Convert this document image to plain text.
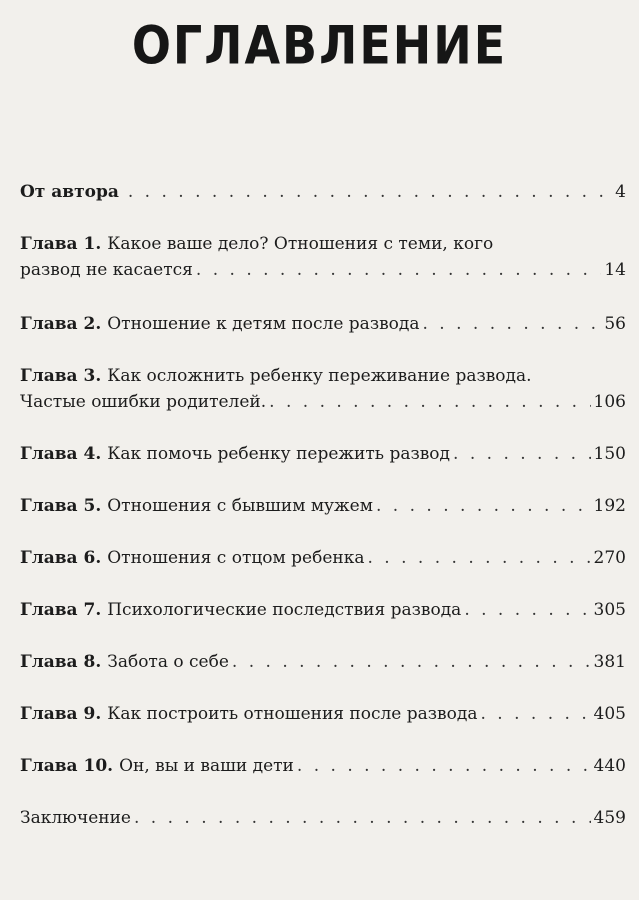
ОГЛАВЛЕНИЕ
От автора . . .	4
Глава 1. Какое ваше дело? Отношения с теми, кого
развод не касается . . .	14
Глава 2. Отношение к детям после развода . . .	56
Глава 3. Как осложнить ребенку переживание развода.
Частые ошибки родителей. . . .	106
Глава 4. Как помочь ребенку пережить развод . . .	150
Глава 5. Отношения с бывшим мужем . . .	192
Глава 6. Отношения с отцом ребенка . . .	270
Глава 7. Психологические последствия развода . . .	305
Глава 8. Забота о себе . . .	381
Глава 9. Как построить отношения после развода . . .	405
Глава 10. Он, вы и ваши дети . . .	440
Заключение . . .	459
